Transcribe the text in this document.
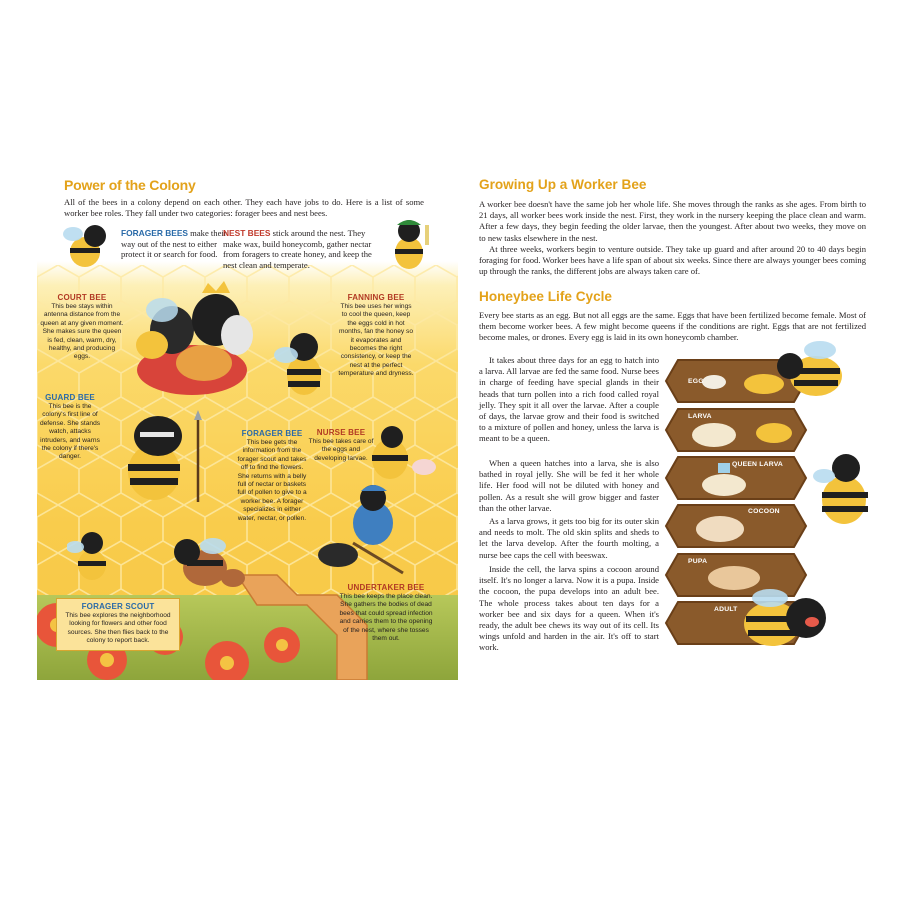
Power of the Colony
All of the bees in a colony depend on each other. They each have jobs to do. Here is a list of some worker bee roles. They fall under two categories: forager bees and nest bees.
FORAGER BEES make their way out of the nest to either protect it or search for food.
NEST BEES stick around the nest. They make wax, build honeycomb, gather nectar from foragers to create honey, and keep the nest clean and temperate.
COURT BEE
This bee stays within antenna distance from the queen at any given moment. She makes sure the queen is fed, clean, warm, dry, healthy, and producing eggs.
FANNING BEE
This bee uses her wings to cool the queen, keep the eggs cold in hot months, fan the honey so it evaporates and becomes the right consistency, or keep the nest at the perfect temperature and dryness.
GUARD BEE
This bee is the colony's first line of defense. She stands watch, attacks intruders, and warns the colony if there's danger.
FORAGER BEE
This bee gets the information from the forager scout and takes off to find the flowers. She returns with a belly full of nectar or baskets full of pollen to give to a worker bee. A forager specializes in either water, nectar, or pollen.
NURSE BEE
This bee takes care of the eggs and developing larvae.
UNDERTAKER BEE
This bee keeps the place clean. She gathers the bodies of dead bees that could spread infection and carries them to the opening of the nest, where she tosses them out.
FORAGER SCOUT
This bee explores the neighborhood looking for flowers and other food sources. She then flies back to the colony to report back.
Growing Up a Worker Bee
A worker bee doesn't have the same job her whole life. She moves through the ranks as she ages. From birth to 21 days, all worker bees work inside the nest. First, they work in the nursery keeping the place clean and warm. After a few days, they begin feeding the older larvae, then the youngest. After about two weeks, they move on to new tasks elsewhere in the nest.
At three weeks, workers begin to venture outside. They take up guard and after around 20 to 40 days begin foraging for food. Worker bees have a life span of about six weeks. Since there are always younger bees coming up through the ranks, the different jobs are always taken care of.
Honeybee Life Cycle
Every bee starts as an egg. But not all eggs are the same. Eggs that have been fertilized become female. Most of them become worker bees. A few might become queens if the conditions are right. Eggs that are not fertilized become males, or drones. Every egg is laid in its own honeycomb chamber.
It takes about three days for an egg to hatch into a larva. All larvae are fed the same food. Nurse bees in charge of feeding have special glands in their heads that turn pollen into a rich food called royal jelly. They spit it all over the larvae. After a couple of days, the larvae grow and their food is switched to a mixture of pollen and honey, unless the larva is meant to be a queen.
When a queen hatches into a larva, she is also bathed in royal jelly. She will be fed it her whole life. Her food will not be diluted with honey and pollen. As a result she will grow bigger and faster than the other larvae.
As a larva grows, it gets too big for its outer skin and needs to molt. The old skin splits and sheds to let the larva develop. After the fourth molting, a nurse bee caps the cell with beeswax.
Inside the cell, the larva spins a cocoon around itself. It's no longer a larva. Now it is a pupa. Inside the cocoon, the pupa develops into an adult bee. The whole process takes about ten days for a worker bee and six days for a queen. When it's ready, the adult bee chews its way out of its cell. Its wings unfold and harden in the air. It's off to start work.
EGG
LARVA
QUEEN LARVA
COCOON
PUPA
ADULT
